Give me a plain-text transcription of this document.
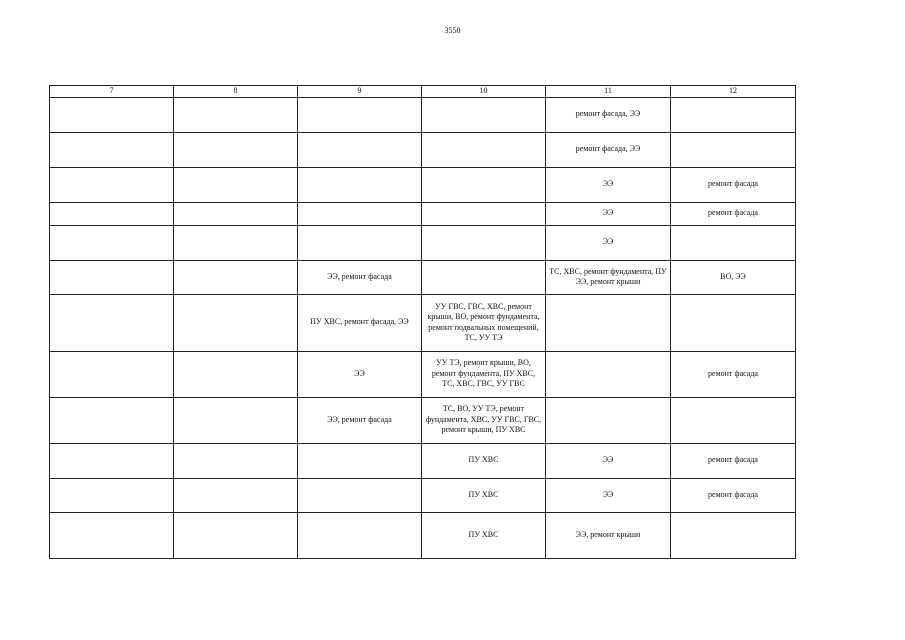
3550
7	8	9	10	11	12
				ремонт фасада, ЭЭ	
				ремонт фасада, ЭЭ	
				ЭЭ	ремонт фасада
				ЭЭ	ремонт фасада
				ЭЭ	
		ЭЭ, ремонт фасада		ТС, ХВС, ремонт фундамента, ПУ ЭЭ, ремонт крыши	ВО, ЭЭ
		ПУ ХВС, ремонт фасада, ЭЭ	УУ ГВС, ГВС, ХВС, ремонт крыши, ВО, ремонт фундамента, ремонт подвальных помещений, ТС, УУ ТЭ		
		ЭЭ	УУ ТЭ, ремонт крыши, ВО, ремонт фундамента, ПУ ХВС, ТС, ХВС, ГВС, УУ ГВС		ремонт фасада
		ЭЭ, ремонт фасада	ТС, ВО, УУ ТЭ, ремонт фундамента, ХВС, УУ ГВС, ГВС, ремонт крыши, ПУ ХВС		
			ПУ ХВС	ЭЭ	ремонт фасада
			ПУ ХВС	ЭЭ	ремонт фасада
			ПУ ХВС	ЭЭ, ремонт крыши	
